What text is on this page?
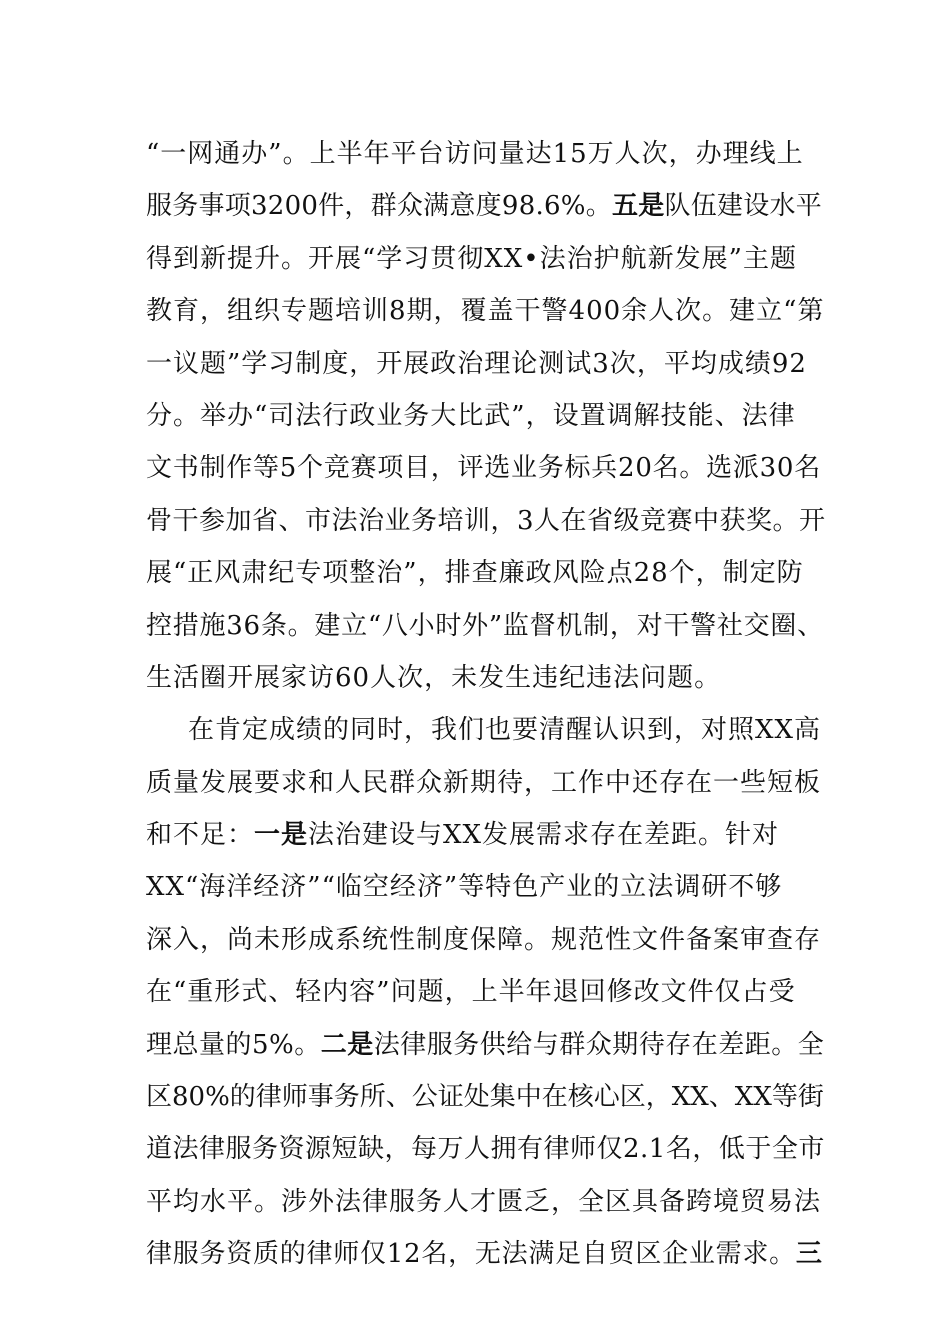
“一网通办”。上半年平台访问量达15万人次，办理线上
服务事项3200件，群众满意度98.6%。五是队伍建设水平
得到新提升。开展“学习贯彻XX•法治护航新发展”主题
教育，组织专题培训8期，覆盖干警400余人次。建立“第
一议题”学习制度，开展政治理论测试3次，平均成绩92
分。举办“司法行政业务大比武”，设置调解技能、法律
文书制作等5个竞赛项目，评选业务标兵20名。选派30名
骨干参加省、市法治业务培训，3人在省级竞赛中获奖。开
展“正风肃纪专项整治”，排查廉政风险点28个，制定防
控措施36条。建立“八小时外”监督机制，对干警社交圈、
生活圈开展家访60人次，未发生违纪违法问题。
在肯定成绩的同时，我们也要清醒认识到，对照XX高
质量发展要求和人民群众新期待，工作中还存在一些短板
和不足：一是法治建设与XX发展需求存在差距。针对
XX“海洋经济”“临空经济”等特色产业的立法调研不够
深入，尚未形成系统性制度保障。规范性文件备案审查存
在“重形式、轻内容”问题，上半年退回修改文件仅占受
理总量的5%。二是法律服务供给与群众期待存在差距。全
区80%的律师事务所、公证处集中在核心区，XX、XX等街
道法律服务资源短缺，每万人拥有律师仅2.1名，低于全市
平均水平。涉外法律服务人才匮乏，全区具备跨境贸易法
律服务资质的律师仅12名，无法满足自贸区企业需求。三
